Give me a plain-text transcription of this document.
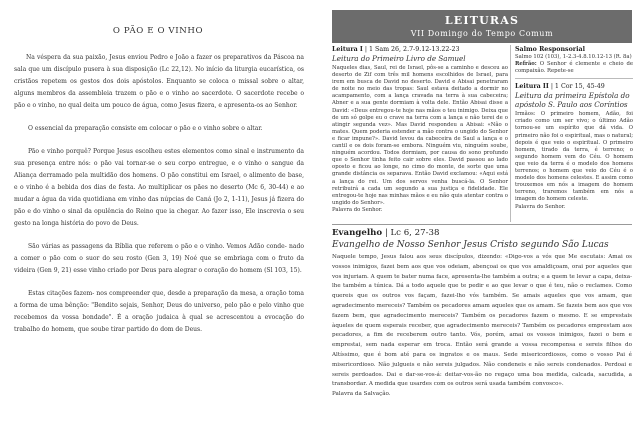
O PÃO E O VINHO

Na véspera da sua paixão, Jesus enviou Pedro e João a fazer os preparativos da Páscoa na sala que um discípulo pusera à sua disposição (Lc 22,12). No início da liturgia eucarística, os cristãos repetem os gestos dos dois apóstolos. Enquanto se coloca o missal sobre o altar, alguns membros da assembleia trazem o pão e o vinho ao sacerdote. O sacerdote recebe o pão e o vinho, no qual deita um pouco de água, como Jesus fizera, e apresenta-os ao Senhor.

O essencial da preparação consiste em colocar o pão e o vinho sobre o altar.

Pão e vinho porquê? Porque Jesus escolheu estes elementos como sinal e instrumento da sua presença entre nós: o pão vai tornar-se o seu corpo entregue, e o vinho o sangue da Aliança derramado pela multidão dos homens. O pão constitui em Israel, o alimento de base, e o vinho é a bebida dos dias de festa. Ao multiplicar os pães no deserto (Mc 6, 30-44) e ao mudar a água da vida quotidiana em vinho das núpcias de Caná (Jo 2, 1-11), Jesus já fizera do pão e do vinho o sinal da opulência do Reino que ia chegar. Ao fazer isso, Ele inscrevia o seu gesto na longa história do povo de Deus.

São várias as passagens da Bíblia que referem o pão e o vinho. Vemos Adão conde- nado a comer o pão com o suor do seu rosto (Gen 3, 19) Noé que se embriaga com o fruto da videira (Gen 9, 21) esse vinho criado por Deus para alegrar o coração do homem (Sl 103, 15).

Estas citações fazem- nos compreender que, desde a preparação da mesa, a oração toma a forma de uma bênção: "Bendito sejais, Senhor, Deus do universo, pelo pão e pelo vinho que recebemos da vossa bondade". É a oração judaica à qual se acrescentou a evocação do trabalho do homem, que soube tirar partido do dom de Deus.

LEITURAS
VII Domingo do Tempo Comum
Leitura I | 1 Sam 26, 2.7-9.12-13.22-23
Leitura do Primeiro Livro de Samuel
Naqueles dias, Saul, rei de Israel, pôs-se a caminho e desceu ao deserto de Zif com três mil homens escolhidos de Israel, para irem em busca de David no deserto. David e Abisai penetraram de noite no meio das tropas: Saul estava deitado a dormir no acampamento, com a lança cravada na terra à sua cabeceira; Abner e a sua gente dormiam à volta dele. Então Abisai disse a David: «Deus entregou-te hoje nas mãos o teu inimigo. Deixa que de um só golpe eu o crave na terra com a lança e não terei de o atingir segunda vez». Mas David respondeu a Abisai: «Não o mates. Quem poderia estender a mão contra o ungido do Senhor e ficar impune?». David levou da cabeceira de Saul a lança e o cantil e os dois foram-se embora. Ninguém viu, ninguém soube, ninguém acordou. Todos dormiam, por causa do sono profundo que o Senhor tinha feito cair sobre eles. David passou ao lado oposto e ficou ao longe, no cimo do monte, de sorte que uma grande distância os separava. Então David exclamou: «Aqui está a lança do rei. Um dos servos venha buscá-la. O Senhor retribuirá a cada um segundo a sua justiça e fidelidade. Ele entregou-te hoje nas minhas mãos e eu não quis atentar contra o ungido do Senhor».
Palavra do Senhor.
Salmo Responsorial
Salmo 102 (103), 1-2.3-4.8.10.12-13 (R. 8a)
Refrão: O Senhor é clemente e cheio de compaixão. Repete-se
Leitura II | 1 Cor 15, 45-49
Leitura da primeira Epístola do apóstolo S. Paulo aos Coríntios
Irmãos: O primeiro homem, Adão, foi criado como um ser vivo; o último Adão tornou-se um espírito que dá vida. O primeiro não foi o espiritual, mas o natural; depois é que veio o espiritual. O primeiro homem, tirado da terra, é terreno; o segundo homem vem do Céu. O homem que veio da terra é o modelo dos homens terrenos; o homem que veio do Céu é o modelo dos homens celestes. E assim como trouxemos em nós a imagem do homem terreno, traremos também em nós a imagem do homem celeste.
Palavra do Senhor.
Evangelho | Lc 6, 27-38
Evangelho de Nosso Senhor Jesus Cristo segundo São Lucas
Naquele tempo, Jesus falou aos seus discípulos, dizendo: «Digo-vos a vós que Me escutais: Amai os vossos inimigos, fazei bem aos que vos odeiam, abençoai os que vos amaldiçoam, orai por aqueles que vos injuriam. A quem te bater numa face, apresenta-lhe também a outra; e a quem te levar a capa, deixa-lhe também a túnica. Dá a todo aquele que te pedir e ao que levar o que é teu, não o reclames. Como quereis que os outros vos façam, fazei-lho vós também. Se amais aqueles que vos amam, que agradecimento mereceis? Também os pecadores amam aqueles que os amam. Se fazeis bem aos que vos fazem bem, que agradecimento mereceis? Também os pecadores fazem o mesmo. E se emprestais àqueles de quem esperais receber, que agradecimento mereceis? Também os pecadores emprestam aos pecadores, a fim de receberem outro tanto. Vós, porém, amai os vossos inimigos, fazei o bem e emprestai, sem nada esperar em troca. Então será grande a vossa recompensa e sereis filhos do Altíssimo, que é bom até para os ingratos e os maus. Sede misericordiosos, como o vosso Pai é misericordioso. Não julgueis e não sereis julgados. Não condeneis e não sereis condenados. Perdoai e sereis perdoados. Dai e dar-se-vos-á: deitar-vos-ão no regaço uma boa medida, calcada, sacudida, a transbordar. A medida que usardes com os outros será usada também convosco».
Palavra da Salvação.
